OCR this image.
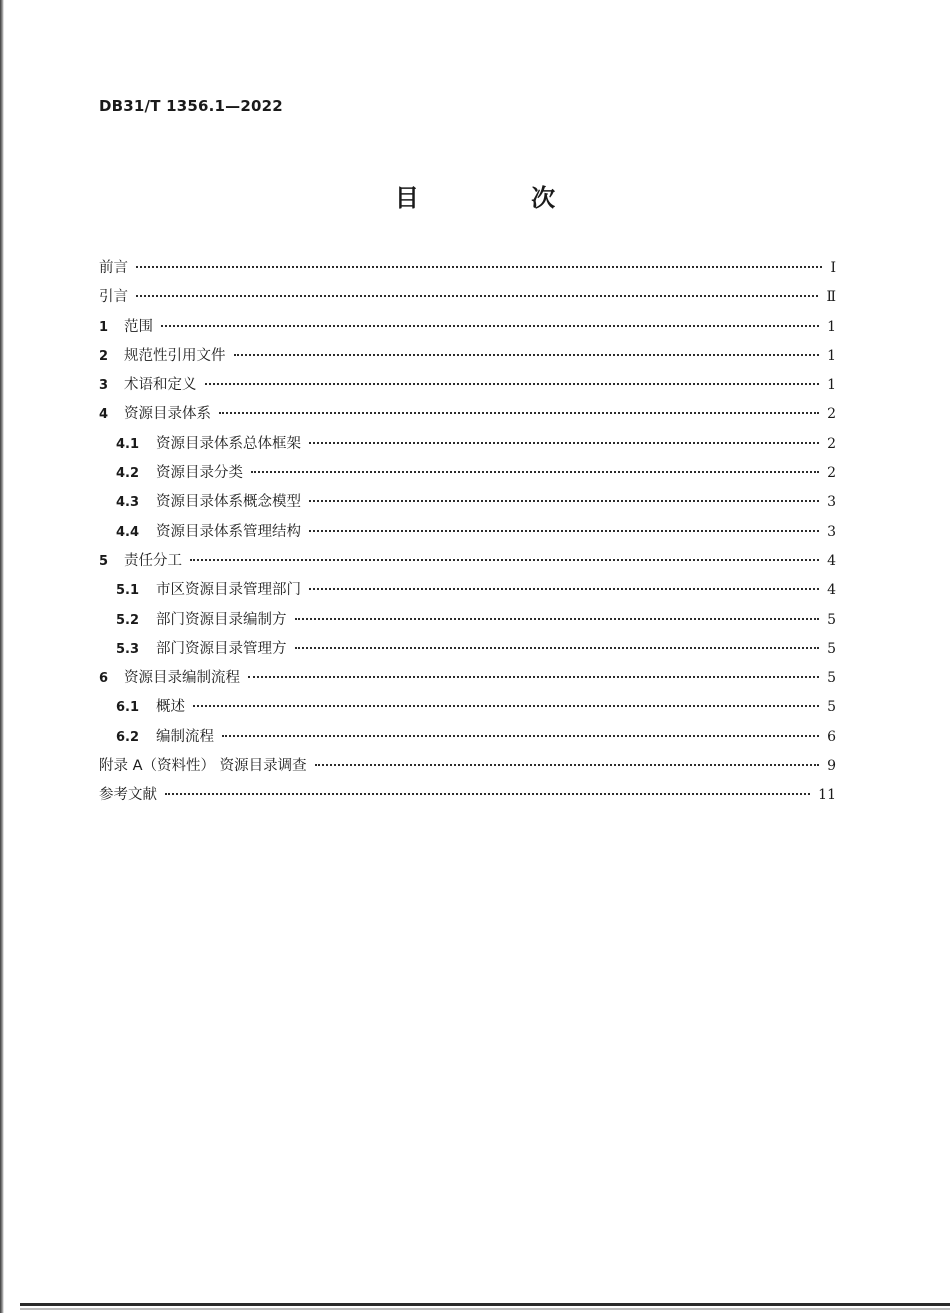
DB31/T 1356.1—2022
目 次
前言	Ⅰ
引言	Ⅱ
1	范围	1
2	规范性引用文件	1
3	术语和定义	1
4	资源目录体系	2
4.1	资源目录体系总体框架	2
4.2	资源目录分类	2
4.3	资源目录体系概念模型	3
4.4	资源目录体系管理结构	3
5	责任分工	4
5.1	市区资源目录管理部门	4
5.2	部门资源目录编制方	5
5.3	部门资源目录管理方	5
6	资源目录编制流程	5
6.1	概述	5
6.2	编制流程	6
附录 A（资料性） 资源目录调查	9
参考文献	11
